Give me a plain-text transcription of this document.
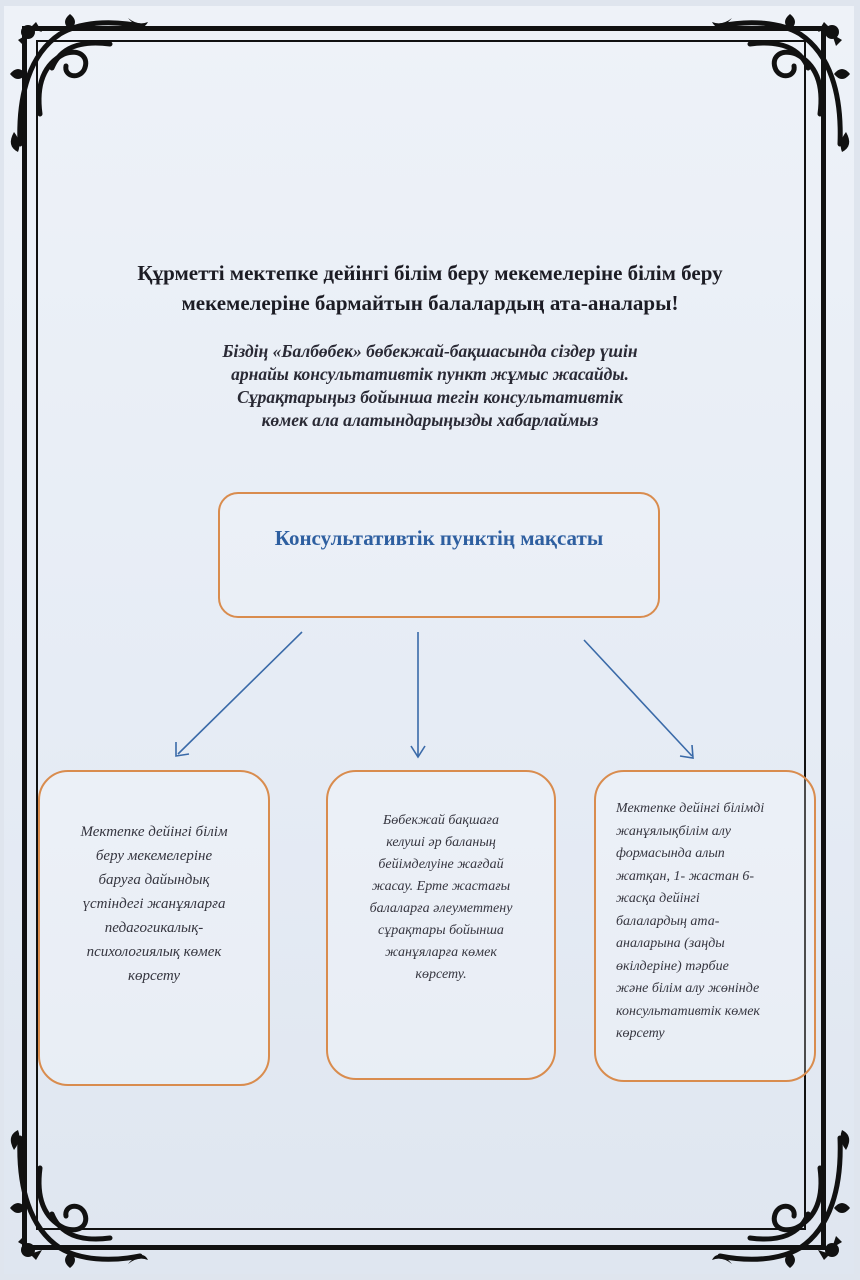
Құрметті мектепке дейінгі білім беру мекемелеріне білім беру
мекемелеріне бармайтын балалардың ата-аналары!
Біздің «Балбөбек» бөбекжай-бақшасында сіздер үшін
арнайы консультативтік пункт жұмыс жасайды.
Сұрақтарыңыз бойынша тегін консультативтік
көмек ала алатындарыңызды хабарлаймыз
Консультативтік пунктің мақсаты
Мектепке дейінгі білім
беру мекемелеріне
баруға дайындық
үстіндегі жанұяларға
педагогикалық-
психологиялық көмек
көрсету
Бөбекжай бақшаға
келуші әр баланың
бейімделуіне жағдай
жасау. Ерте жастағы
балаларға әлеуметтену
сұрақтары бойынша
жанұяларға көмек
көрсету.
Мектепке дейінгі білімді
жанұялықбілім алу
формасында алып
жатқан, 1- жастан 6-
жасқа дейінгі
балалардың ата-
аналарына (заңды
өкілдеріне) тәрбие
және білім алу жөнінде
консультативтік көмек
көрсету
